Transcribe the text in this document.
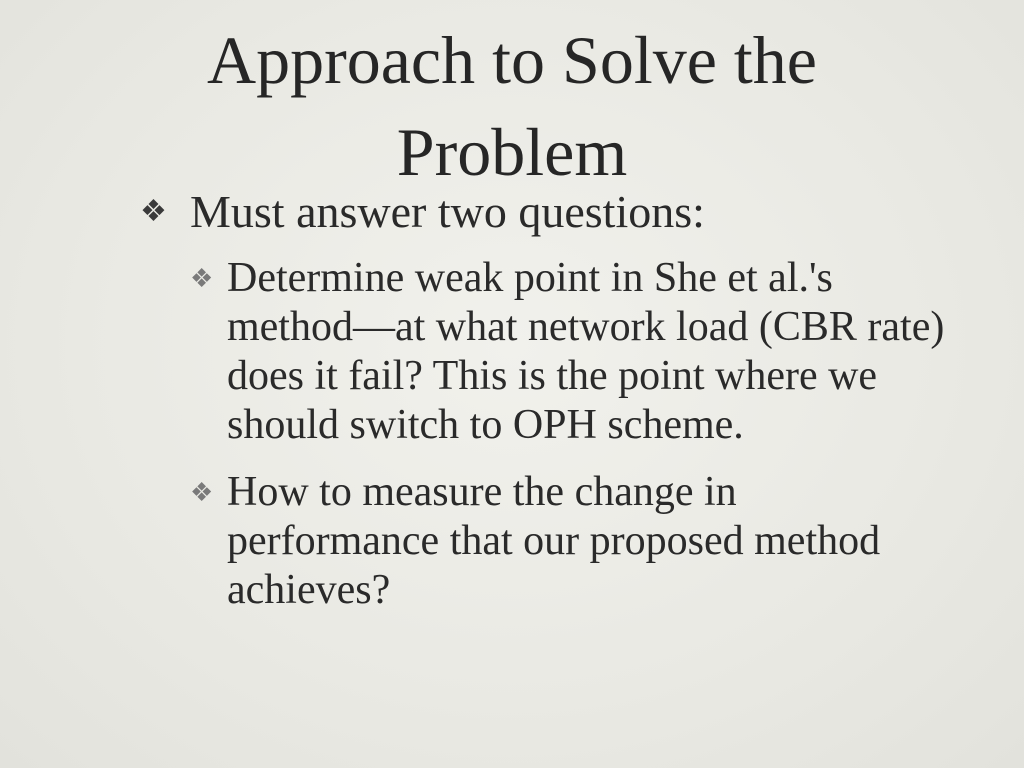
Approach to Solve the Problem
❖ Must answer two questions:
❖ Determine weak point in She et al.'s method—at what network load (CBR rate) does it fail? This is the point where we should switch to OPH scheme.
❖ How to measure the change in performance that our proposed method achieves?
